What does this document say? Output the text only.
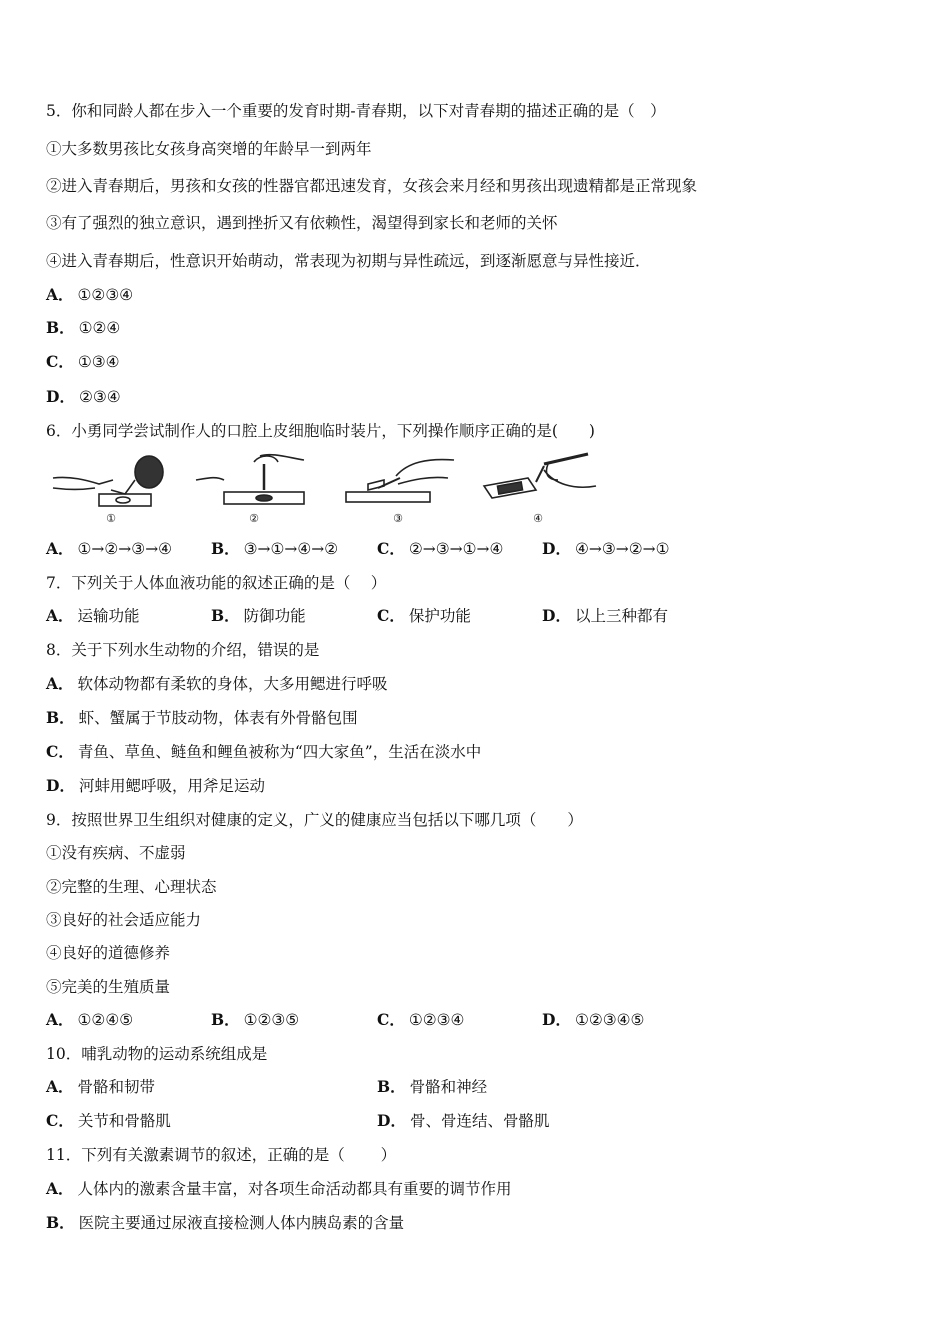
5．你和同龄人都在步入一个重要的发育时期-青春期，以下对青春期的描述正确的是（　）
①大多数男孩比女孩身高突增的年龄早一到两年
②进入青春期后，男孩和女孩的性器官都迅速发育，女孩会来月经和男孩出现遗精都是正常现象
③有了强烈的独立意识，遇到挫折又有依赖性，渴望得到家长和老师的关怀
④进入青春期后，性意识开始萌动，常表现为初期与异性疏远，到逐渐愿意与异性接近．
A． ①②③④
B． ①②④
C． ①③④
D． ②③④
6．小勇同学尝试制作人的口腔上皮细胞临时装片，下列操作顺序正确的是(　　)
①	②	③	④
A． ①→②→③→④	B． ③→①→④→②	C． ②→③→①→④ D． ④→③→②→①
7．下列关于人体血液功能的叙述正确的是（　 ）
A． 运输功能	B． 防御功能	C． 保护功能	D． 以上三种都有
8．关于下列水生动物的介绍，错误的是
A． 软体动物都有柔软的身体，大多用鳃进行呼吸
B． 虾、蟹属于节肢动物，体表有外骨骼包围
C． 青鱼、草鱼、鲢鱼和鲤鱼被称为“四大家鱼”，生活在淡水中
D． 河蚌用鳃呼吸，用斧足运动
9．按照世界卫生组织对健康的定义，广义的健康应当包括以下哪几项（　　）
①没有疾病、不虚弱
②完整的生理、心理状态
③良好的社会适应能力
④良好的道德修养
⑤完美的生殖质量
A． ①②④⑤	B． ①②③⑤	C． ①②③④	D． ①②③④⑤
10．哺乳动物的运动系统组成是
A． 骨骼和韧带	B． 骨骼和神经
C． 关节和骨骼肌	D． 骨、骨连结、骨骼肌
11．下列有关激素调节的叙述，正确的是（　　 ）
A． 人体内的激素含量丰富，对各项生命活动都具有重要的调节作用
B． 医院主要通过尿液直接检测人体内胰岛素的含量
